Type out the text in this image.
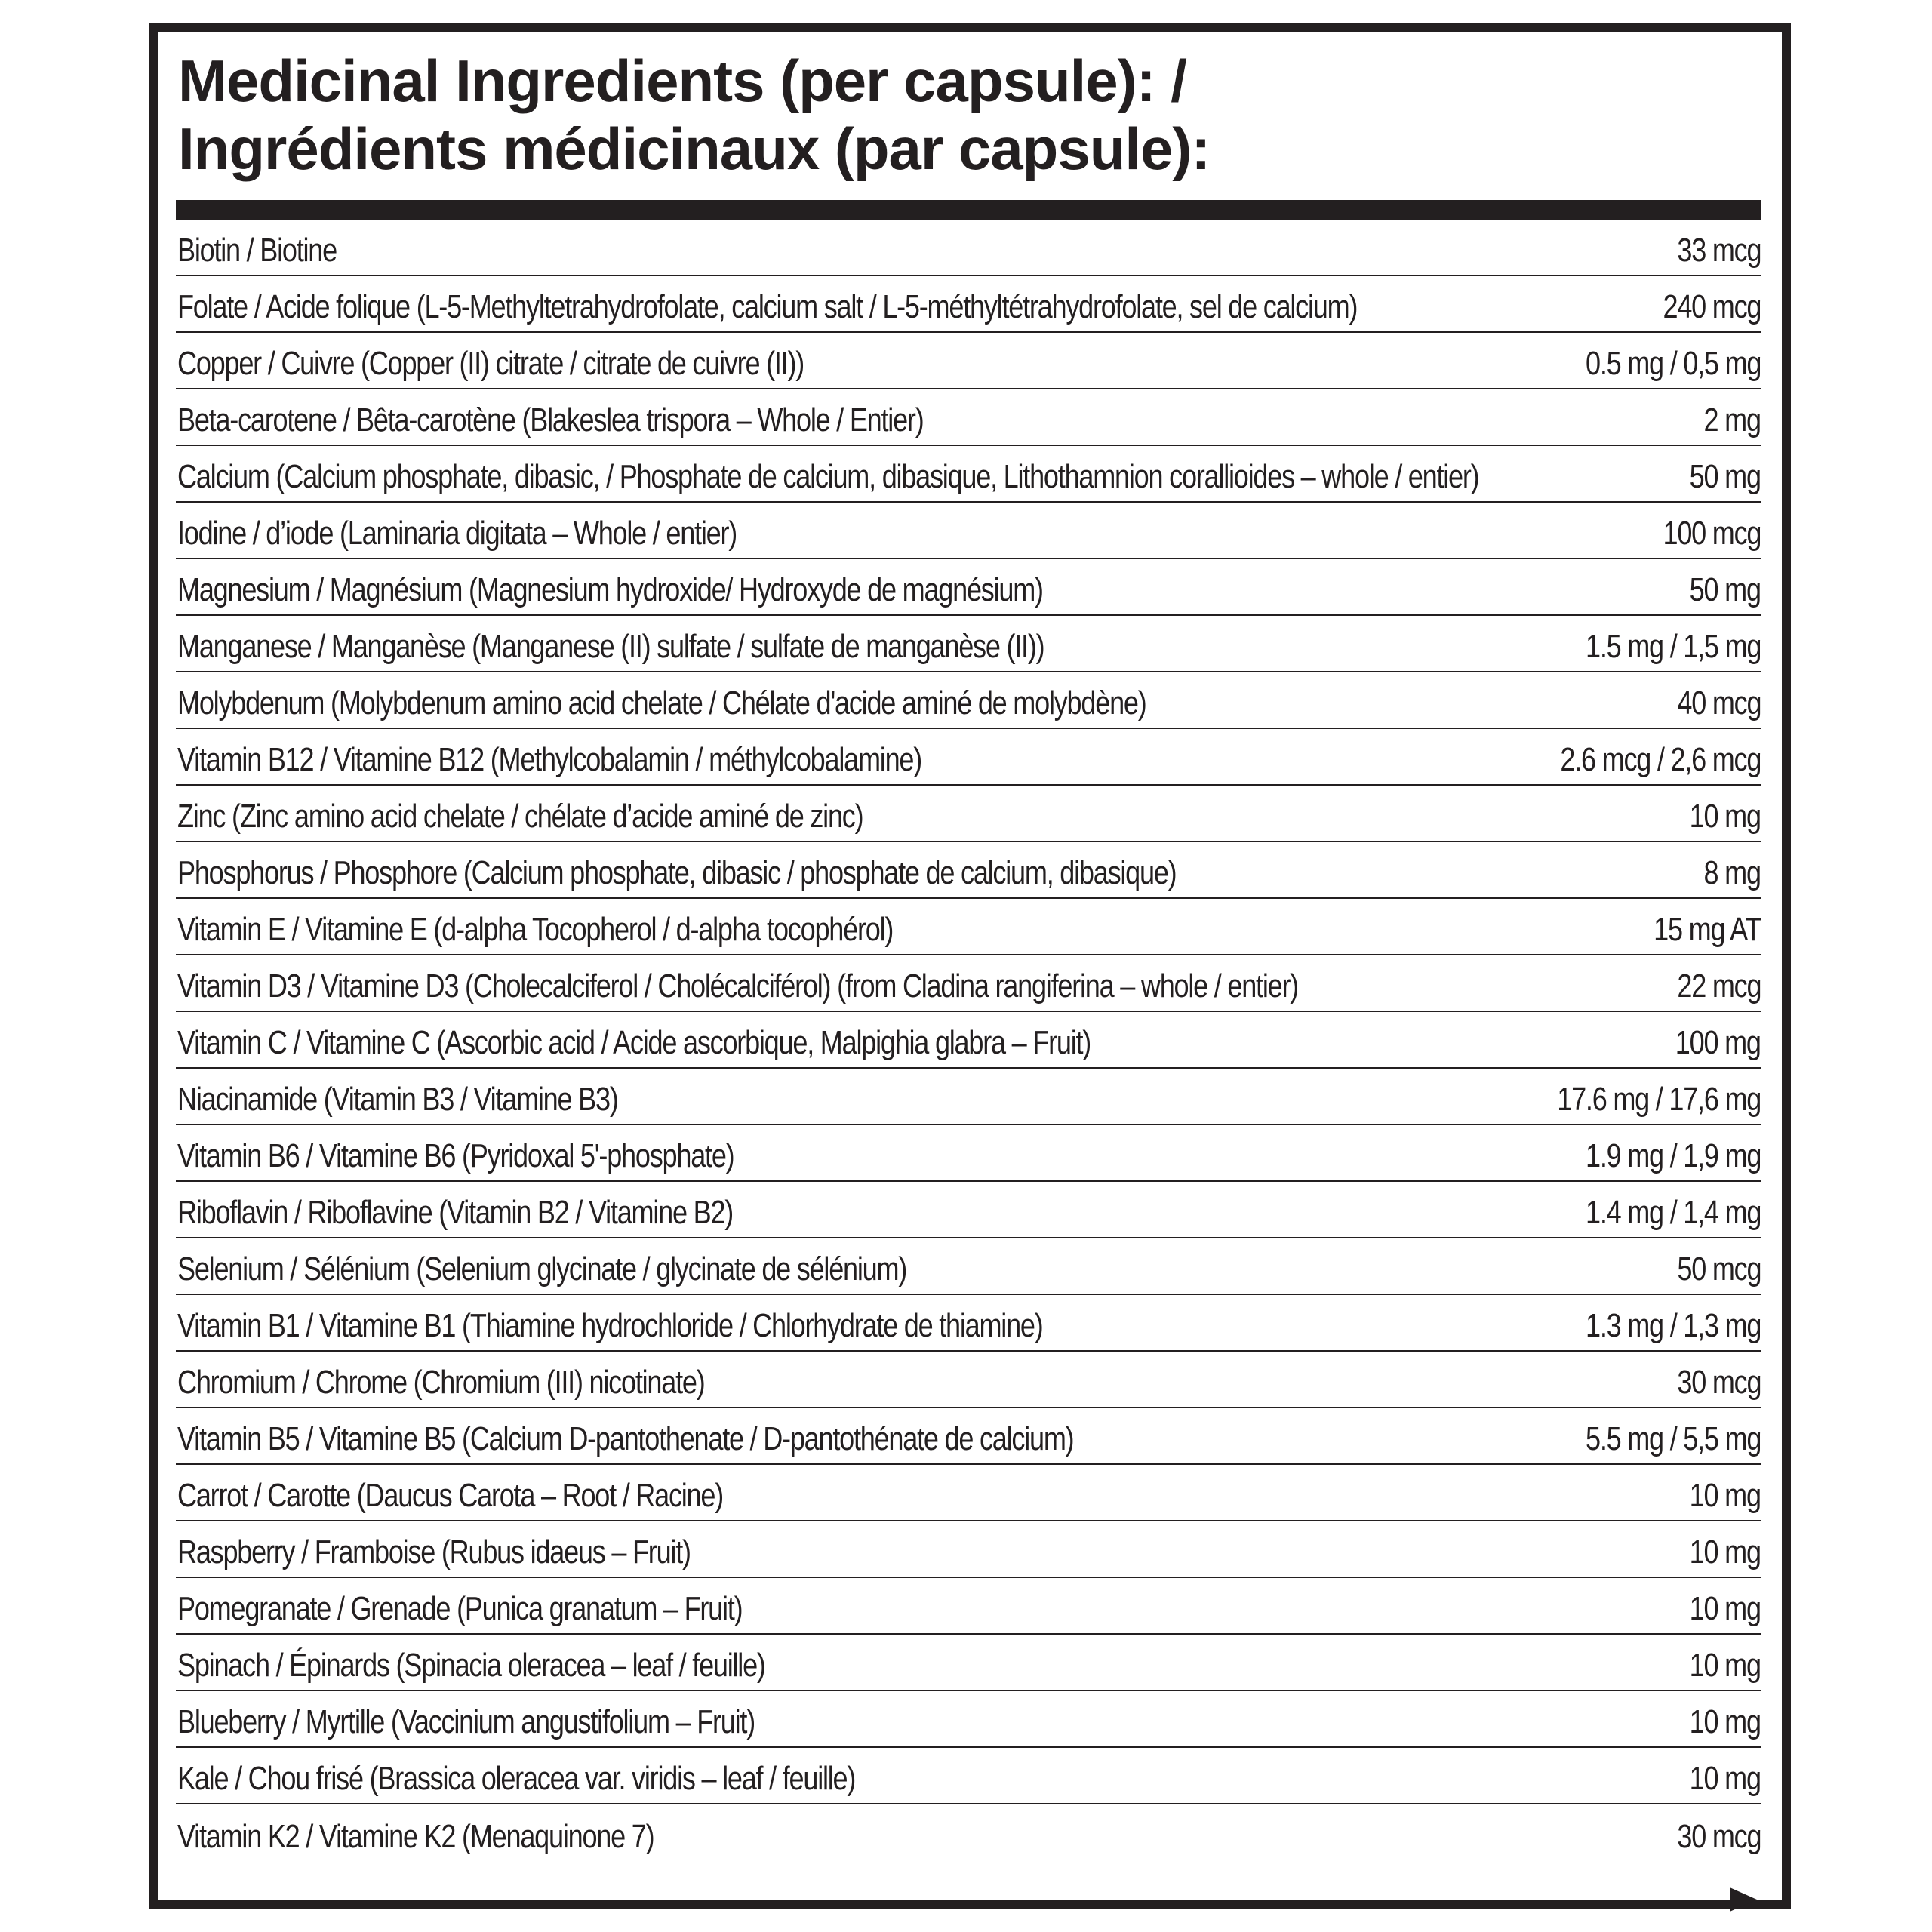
Medicinal Ingredients (per capsule): /
Ingrédients médicinaux (par capsule):
Biotin / Biotine	33 mcg
Folate / Acide folique (L-5-Methyltetrahydrofolate, calcium salt / L-5-méthyltétrahydrofolate, sel de calcium)	240 mcg
Copper / Cuivre (Copper (II) citrate / citrate de cuivre (II))	0.5 mg / 0,5 mg
Beta-carotene / Bêta-carotène (Blakeslea trispora – Whole / Entier)	2 mg
Calcium (Calcium phosphate, dibasic, / Phosphate de calcium, dibasique, Lithothamnion corallioides – whole / entier)	50 mg
Iodine / d’iode (Laminaria digitata – Whole / entier)	100 mcg
Magnesium / Magnésium (Magnesium hydroxide/ Hydroxyde de magnésium)	50 mg
Manganese / Manganèse (Manganese (II) sulfate / sulfate de manganèse (II))	1.5 mg / 1,5 mg
Molybdenum (Molybdenum amino acid chelate / Chélate d'acide aminé de molybdène)	40 mcg
Vitamin B12 / Vitamine B12 (Methylcobalamin / méthylcobalamine)	2.6 mcg / 2,6 mcg
Zinc (Zinc amino acid chelate / chélate d’acide aminé de zinc)	10 mg
Phosphorus / Phosphore (Calcium phosphate, dibasic / phosphate de calcium, dibasique)	8 mg
Vitamin E / Vitamine E (d-alpha Tocopherol / d-alpha tocophérol)	15 mg AT
Vitamin D3 / Vitamine D3 (Cholecalciferol / Cholécalciférol) (from Cladina rangiferina – whole / entier)	22 mcg
Vitamin C / Vitamine C (Ascorbic acid / Acide ascorbique, Malpighia glabra – Fruit)	100 mg
Niacinamide (Vitamin B3 / Vitamine B3)	17.6 mg / 17,6 mg
Vitamin B6 / Vitamine B6 (Pyridoxal 5'-phosphate)	1.9 mg / 1,9 mg
Riboflavin / Riboflavine (Vitamin B2 / Vitamine B2)	1.4 mg / 1,4 mg
Selenium / Sélénium (Selenium glycinate / glycinate de sélénium)	50 mcg
Vitamin B1 / Vitamine B1 (Thiamine hydrochloride / Chlorhydrate de thiamine)	1.3 mg / 1,3 mg
Chromium / Chrome (Chromium (III) nicotinate)	30 mcg
Vitamin B5 / Vitamine B5 (Calcium D-pantothenate / D-pantothénate de calcium)	5.5 mg / 5,5 mg
Carrot / Carotte (Daucus Carota – Root / Racine)	10 mg
Raspberry / Framboise (Rubus idaeus – Fruit)	10 mg
Pomegranate / Grenade (Punica granatum – Fruit)	10 mg
Spinach / Épinards (Spinacia oleracea – leaf / feuille)	10 mg
Blueberry / Myrtille (Vaccinium angustifolium – Fruit)	10 mg
Kale / Chou frisé (Brassica oleracea var. viridis – leaf / feuille)	10 mg
Vitamin K2 / Vitamine K2 (Menaquinone 7)	30 mcg
